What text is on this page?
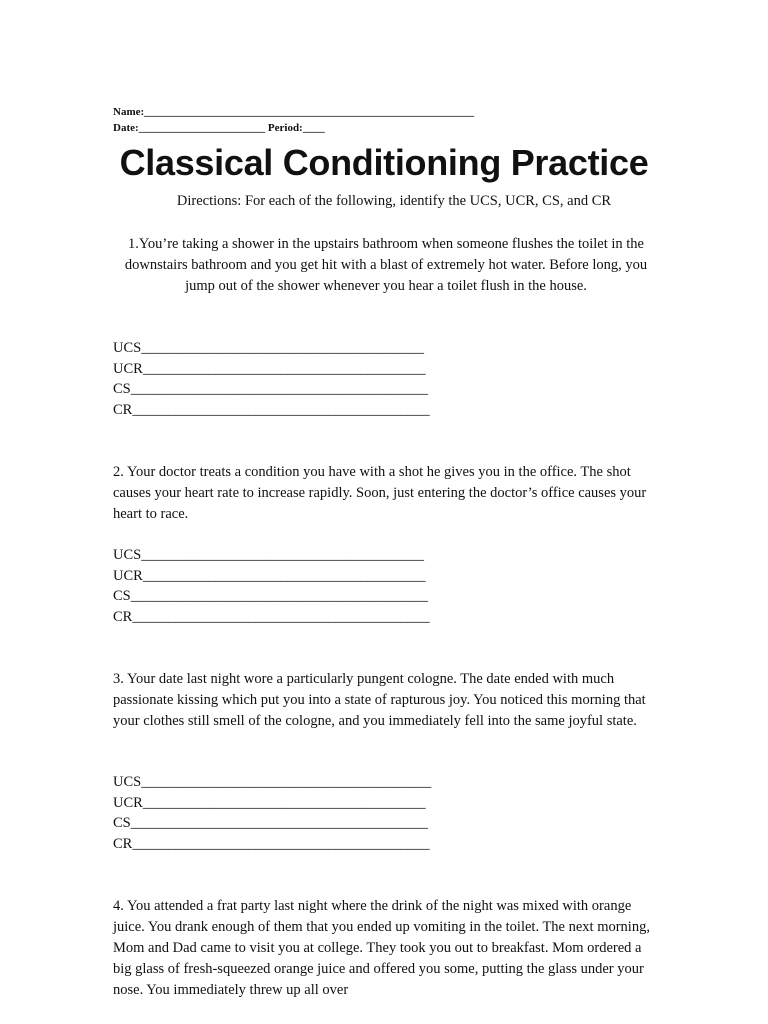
Name:____________________________________________________________
Date:_______________________ Period:____
Classical Conditioning Practice
Directions: For each of the following, identify the UCS, UCR, CS, and CR
1.You’re taking a shower in the upstairs bathroom when someone flushes the toilet in the downstairs bathroom and you get hit with a blast of extremely hot water. Before long, you jump out of the shower whenever you hear a toilet flush in the house.
UCS_______________________________________
UCR_______________________________________
CS_________________________________________
CR_________________________________________
2. Your doctor treats a condition you have with a shot he gives you in the office. The shot causes your heart rate to increase rapidly. Soon, just entering the doctor’s office causes your heart to race.
UCS_______________________________________
UCR_______________________________________
CS_________________________________________
CR_________________________________________
3. Your date last night wore a particularly pungent cologne. The date ended with much passionate kissing which put you into a state of rapturous joy. You noticed this morning that your clothes still smell of the cologne, and you immediately fell into the same joyful state.
UCS________________________________________
UCR_______________________________________
CS_________________________________________
CR_________________________________________
4. You attended a frat party last night where the drink of the night was mixed with orange juice. You drank enough of them that you ended up vomiting in the toilet. The next morning, Mom and Dad came to visit you at college. They took you out to breakfast. Mom ordered a big glass of fresh-squeezed orange juice and offered you some, putting the glass under your nose. You immediately threw up all over
